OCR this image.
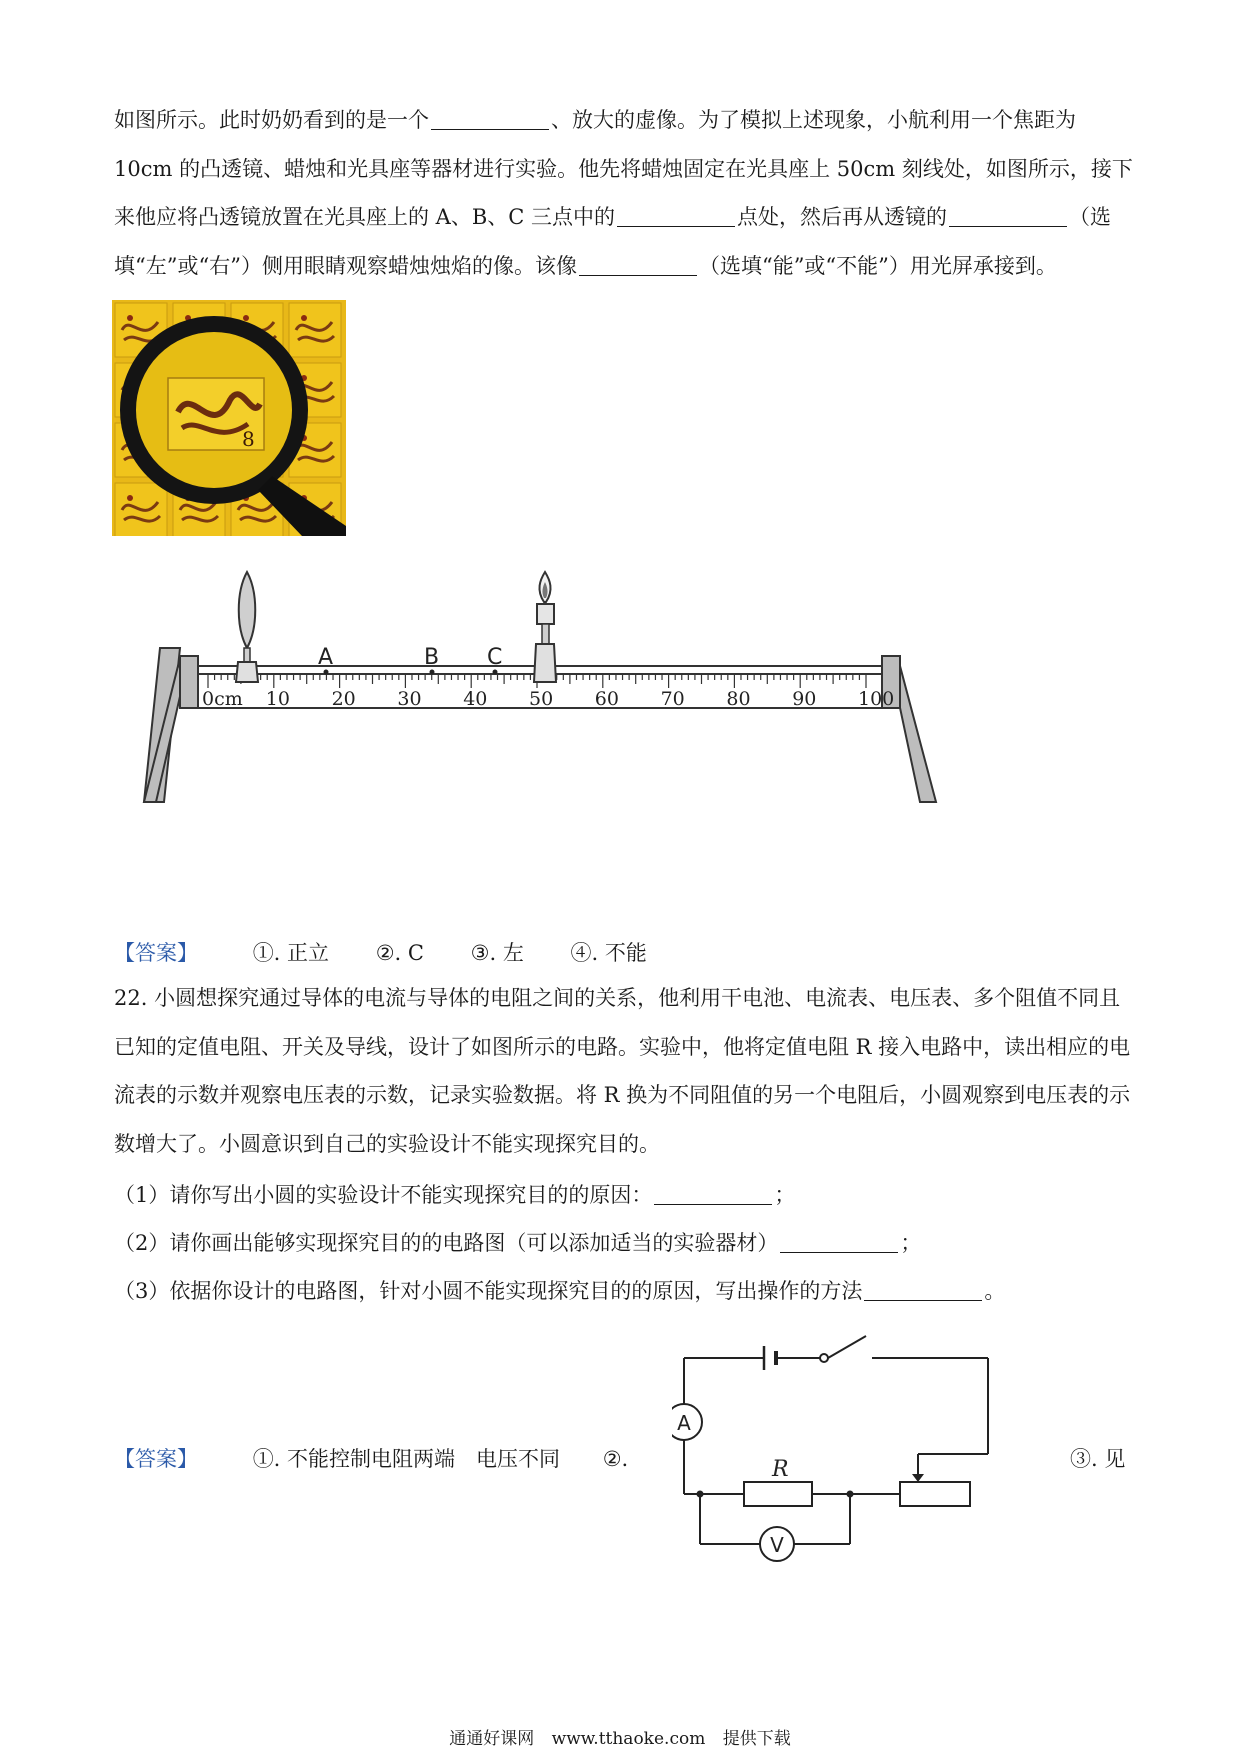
如图所示。此时奶奶看到的是一个	、放大的虚像。为了模拟上述现象，小航利用一个焦距为 10cm 的凸透镜、蜡烛和光具座等器材进行实验。他先将蜡烛固定在光具座上 50cm 刻线处，如图所示，接下来他应将凸透镜放置在光具座上的 A、B、C 三点中的	点处，然后再从透镜的	（选填“左”或“右”）侧用眼睛观察蜡烛烛焰的像。该像	（选填“能”或“不能”）用光屏承接到。

8
0cm 10 20 30 40 50 60 70 80 90 100
A	B C
【答案】	①. 正立 ②. C ③. 左 ④. 不能

22. 小圆想探究通过导体的电流与导体的电阻之间的关系，他利用干电池、电流表、电压表、多个阻值不同且已知的定值电阻、开关及导线，设计了如图所示的电路。实验中，他将定值电阻 R 接入电路中，读出相应的电流表的示数并观察电压表的示数，记录实验数据。将 R 换为不同阻值的另一个电阻后，小圆观察到电压表的示数增大了。小圆意识到自己的实验设计不能实现探究目的。

（1）请你写出小圆的实验设计不能实现探究目的的原因：	；
（2）请你画出能够实现探究目的的电路图（可以添加适当的实验器材）	；
（3）依据你设计的电路图，针对小圆不能实现探究目的的原因，写出操作的方法	。
【答案】	①. 不能控制电阻两端　电压不同 ②.	③. 见
A
R
V
通通好课网 www.tthaoke.com 提供下载
